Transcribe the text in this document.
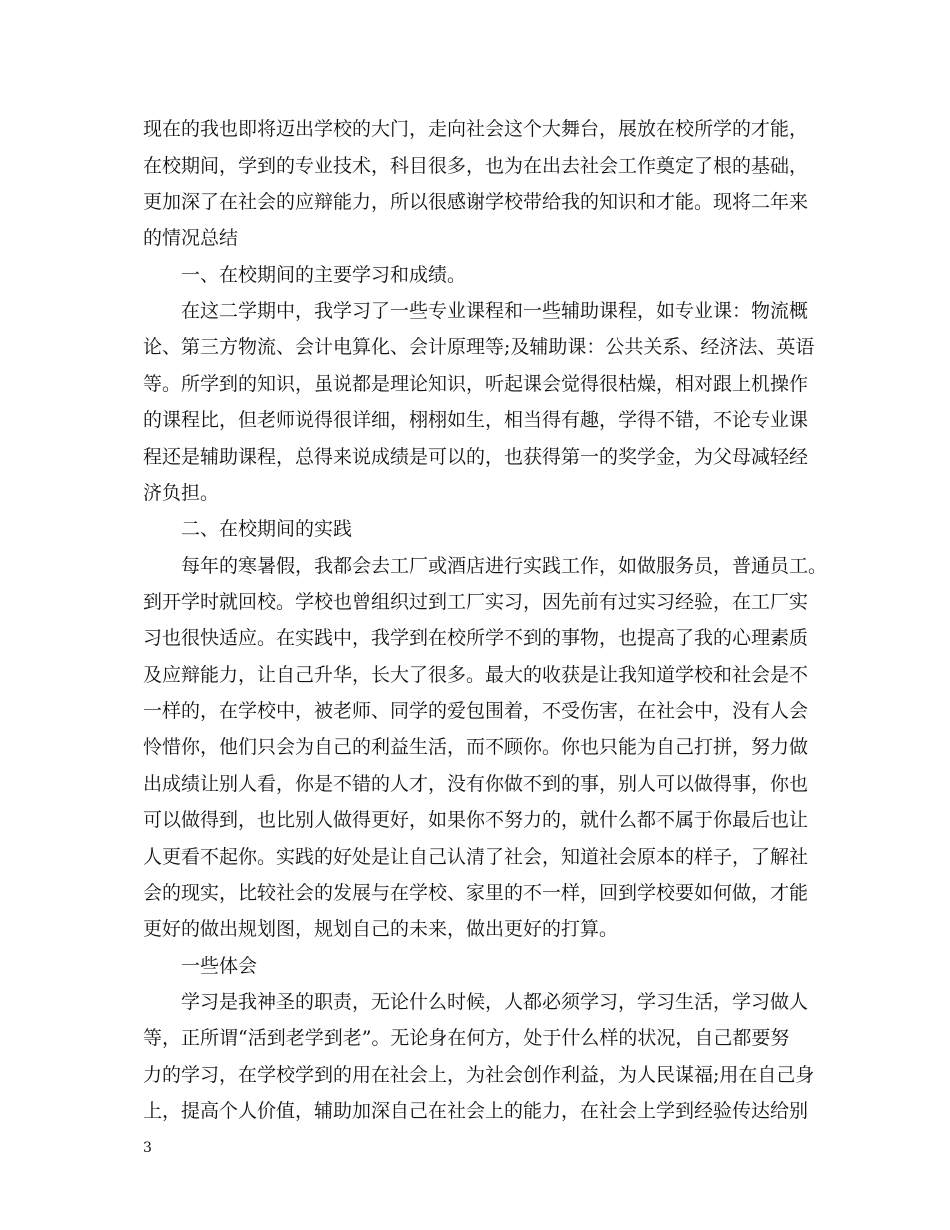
现在的我也即将迈出学校的大门，走向社会这个大舞台，展放在校所学的才能，
在校期间，学到的专业技术，科目很多，也为在出去社会工作奠定了根的基础，
更加深了在社会的应辩能力，所以很感谢学校带给我的知识和才能。现将二年来
的情况总结
一、在校期间的主要学习和成绩。
在这二学期中，我学习了一些专业课程和一些辅助课程，如专业课：物流概
论、第三方物流、会计电算化、会计原理等;及辅助课：公共关系、经济法、英语
等。所学到的知识，虽说都是理论知识，听起课会觉得很枯燥，相对跟上机操作
的课程比，但老师说得很详细，栩栩如生，相当得有趣，学得不错，不论专业课
程还是辅助课程，总得来说成绩是可以的，也获得第一的奖学金，为父母减轻经
济负担。
二、在校期间的实践
每年的寒暑假，我都会去工厂或酒店进行实践工作，如做服务员，普通员工。
到开学时就回校。学校也曾组织过到工厂实习，因先前有过实习经验，在工厂实
习也很快适应。在实践中，我学到在校所学不到的事物，也提高了我的心理素质
及应辩能力，让自己升华，长大了很多。最大的收获是让我知道学校和社会是不
一样的，在学校中，被老师、同学的爱包围着，不受伤害，在社会中，没有人会
怜惜你，他们只会为自己的利益生活，而不顾你。你也只能为自己打拼，努力做
出成绩让别人看，你是不错的人才，没有你做不到的事，别人可以做得事，你也
可以做得到，也比别人做得更好，如果你不努力的，就什么都不属于你最后也让
人更看不起你。实践的好处是让自己认清了社会，知道社会原本的样子，了解社
会的现实，比较社会的发展与在学校、家里的不一样，回到学校要如何做，才能
更好的做出规划图，规划自己的未来，做出更好的打算。
一些体会
学习是我神圣的职责，无论什么时候，人都必须学习，学习生活，学习做人
等，正所谓“活到老学到老”。无论身在何方，处于什么样的状况，自己都要努
力的学习，在学校学到的用在社会上，为社会创作利益，为人民谋福;用在自己身
上，提高个人价值，辅助加深自己在社会上的能力，在社会上学到经验传达给别
3
